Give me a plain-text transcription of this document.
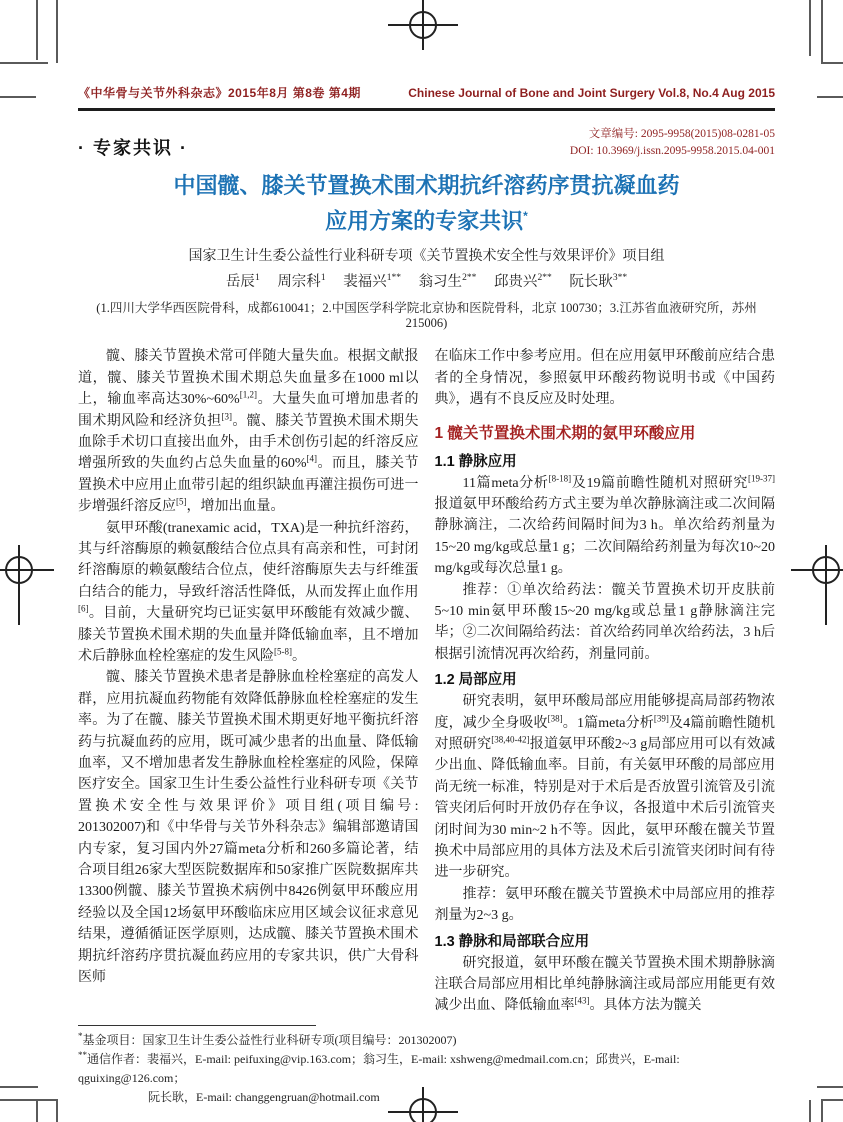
《中华骨与关节外科杂志》2015年8月 第8卷 第4期	Chinese Journal of Bone and Joint Surgery Vol.8, No.4 Aug 2015
· 专家共识 ·
文章编号: 2095-9958(2015)08-0281-05
DOI: 10.3969/j.issn.2095-9958.2015.04-001
中国髋、膝关节置换术围术期抗纤溶药序贯抗凝血药
应用方案的专家共识*
国家卫生计生委公益性行业科研专项《关节置换术安全性与效果评价》项目组
岳辰$^1$ 周宗科$^1$ 裴福兴$^{1**}$ 翁习生$^{2**}$ 邱贵兴$^{2**}$ 阮长耿$^{3**}$
(1.四川大学华西医院骨科，成都610041；2.中国医学科学院北京协和医院骨科，北京 100730；3.江苏省血液研究所，苏州 215006)

髋、膝关节置换术常可伴随大量失血。根据文献报道，髋、膝关节置换术围术期总失血量多在1000 ml以上，输血率高达30%~60%[1,2]。大量失血可增加患者的围术期风险和经济负担[3]。髋、膝关节置换术围术期失血除手术切口直接出血外，由手术创伤引起的纤溶反应增强所致的失血约占总失血量的60%[4]。而且，膝关节置换术中应用止血带引起的组织缺血再灌注损伤可进一步增强纤溶反应[5]，增加出血量。

氨甲环酸(tranexamic acid，TXA)是一种抗纤溶药，其与纤溶酶原的赖氨酸结合位点具有高亲和性，可封闭纤溶酶原的赖氨酸结合位点，使纤溶酶原失去与纤维蛋白结合的能力，导致纤溶活性降低，从而发挥止血作用[6]。目前，大量研究均已证实氨甲环酸能有效减少髋、膝关节置换术围术期的失血量并降低输血率，且不增加术后静脉血栓栓塞症的发生风险[5-8]。

髋、膝关节置换术患者是静脉血栓栓塞症的高发人群，应用抗凝血药物能有效降低静脉血栓栓塞症的发生率。为了在髋、膝关节置换术围术期更好地平衡抗纤溶药与抗凝血药的应用，既可减少患者的出血量、降低输血率，又不增加患者发生静脉血栓栓塞症的风险，保障医疗安全。国家卫生计生委公益性行业科研专项《关节置换术安全性与效果评价》项目组(项目编号: 201302007)和《中华骨与关节外科杂志》编辑部邀请国内专家，复习国内外27篇meta分析和260多篇论著，结合项目组26家大型医院数据库和50家推广医院数据库共13300例髋、膝关节置换术病例中8426例氨甲环酸应用经验以及全国12场氨甲环酸临床应用区域会议征求意见结果，遵循循证医学原则，达成髋、膝关节置换术围术期抗纤溶药序贯抗凝血药应用的专家共识，供广大骨科医师

在临床工作中参考应用。但在应用氨甲环酸前应结合患者的全身情况，参照氨甲环酸药物说明书或《中国药典》，遇有不良反应及时处理。

1 髋关节置换术围术期的氨甲环酸应用
1.1 静脉应用

11篇meta分析[8-18]及19篇前瞻性随机对照研究[19-37]报道氨甲环酸给药方式主要为单次静脉滴注或二次间隔静脉滴注，二次给药间隔时间为3 h。单次给药剂量为15~20 mg/kg或总量1 g；二次间隔给药剂量为每次10~20 mg/kg或每次总量1 g。

推荐：①单次给药法：髋关节置换术切开皮肤前5~10 min氨甲环酸15~20 mg/kg或总量1 g静脉滴注完毕；②二次间隔给药法：首次给药同单次给药法，3 h后根据引流情况再次给药，剂量同前。

1.2 局部应用

研究表明，氨甲环酸局部应用能够提高局部药物浓度，减少全身吸收[38]。1篇meta分析[39]及4篇前瞻性随机对照研究[38,40-42]报道氨甲环酸2~3 g局部应用可以有效减少出血、降低输血率。目前，有关氨甲环酸的局部应用尚无统一标准，特别是对于术后是否放置引流管及引流管夹闭后何时开放仍存在争议，各报道中术后引流管夹闭时间为30 min~2 h不等。因此，氨甲环酸在髋关节置换术中局部应用的具体方法及术后引流管夹闭时间有待进一步研究。

推荐：氨甲环酸在髋关节置换术中局部应用的推荐剂量为2~3 g。

1.3 静脉和局部联合应用

研究报道，氨甲环酸在髋关节置换术围术期静脉滴注联合局部应用相比单纯静脉滴注或局部应用能更有效减少出血、降低输血率[43]。具体方法为髋关

*基金项目：国家卫生计生委公益性行业科研专项(项目编号：201302007)
**通信作者：裴福兴，E-mail: peifuxing@vip.163.com；翁习生，E-mail: xshweng@medmail.com.cn；邱贵兴，E-mail: qguixing@126.com；
阮长耿，E-mail: changgengruan@hotmail.com
